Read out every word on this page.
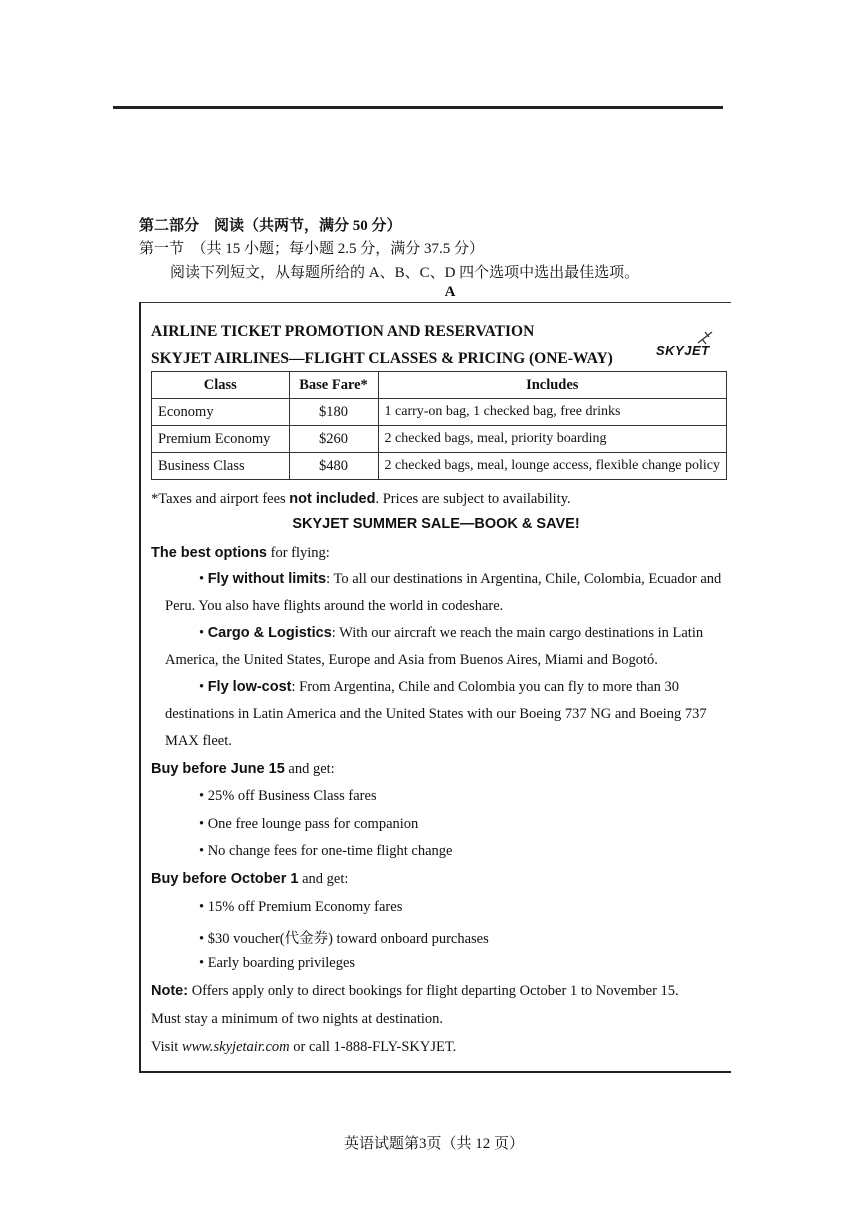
第二部分　阅读（共两节，满分 50 分）
第一节　（共 15 小题；每小题 2.5 分，满分 37.5 分）
阅读下列短文，从每题所给的 A、B、C、D 四个选项中选出最佳选项。
A
AIRLINE TICKET PROMOTION AND RESERVATION
SKYJET AIRLINES—FLIGHT CLASSES & PRICING (ONE-WAY)	SKYJET
Class	Base Fare*	Includes
Economy	$180	1 carry-on bag, 1 checked bag, free drinks
Premium Economy	$260	2 checked bags, meal, priority boarding
Business Class	$480	2 checked bags, meal, lounge access, flexible change policy
*Taxes and airport fees not included. Prices are subject to availability.
SKYJET SUMMER SALE—BOOK & SAVE!
The best options for flying:
• Fly without limits: To all our destinations in Argentina, Chile, Colombia, Ecuador and
Peru. You also have flights around the world in codeshare.
• Cargo & Logistics: With our aircraft we reach the main cargo destinations in Latin
America, the United States, Europe and Asia from Buenos Aires, Miami and Bogotó.
• Fly low-cost: From Argentina, Chile and Colombia you can fly to more than 30
destinations in Latin America and the United States with our Boeing 737 NG and Boeing 737
MAX fleet.
Buy before June 15 and get:
• 25% off Business Class fares
• One free lounge pass for companion
• No change fees for one-time flight change
Buy before October 1 and get:
• 15% off Premium Economy fares
• $30 voucher(代金券) toward onboard purchases
• Early boarding privileges
Note: Offers apply only to direct bookings for flight departing October 1 to November 15.
Must stay a minimum of two nights at destination.
Visit www.skyjetair.com or call 1-888-FLY-SKYJET.
英语试题第3页（共 12 页）
